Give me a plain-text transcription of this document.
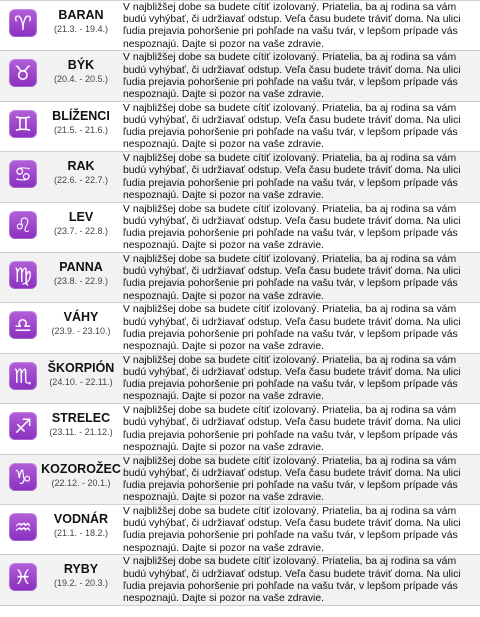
♈	BARAN
(21.3. - 19.4.)
V najbližšej dobe sa budete cítiť izolovaný. Priatelia, ba aj rodina sa vám budú vyhýbať, či udržiavať odstup. Veľa času budete tráviť doma. Na ulici ľudia prejavia pohoršenie pri pohľade na vašu tvár, v lepšom prípade vás nespoznajú. Dajte si pozor na vaše zdravie.
♉	BÝK
(20.4. - 20.5.)
V najbližšej dobe sa budete cítiť izolovaný. Priatelia, ba aj rodina sa vám budú vyhýbať, či udržiavať odstup. Veľa času budete tráviť doma. Na ulici ľudia prejavia pohoršenie pri pohľade na vašu tvár, v lepšom prípade vás nespoznajú. Dajte si pozor na vaše zdravie.
♊	BLÍŽENCI
(21.5. - 21.6.)
V najbližšej dobe sa budete cítiť izolovaný. Priatelia, ba aj rodina sa vám budú vyhýbať, či udržiavať odstup. Veľa času budete tráviť doma. Na ulici ľudia prejavia pohoršenie pri pohľade na vašu tvár, v lepšom prípade vás nespoznajú. Dajte si pozor na vaše zdravie.
♋	RAK
(22.6. - 22.7.)
V najbližšej dobe sa budete cítiť izolovaný. Priatelia, ba aj rodina sa vám budú vyhýbať, či udržiavať odstup. Veľa času budete tráviť doma. Na ulici ľudia prejavia pohoršenie pri pohľade na vašu tvár, v lepšom prípade vás nespoznajú. Dajte si pozor na vaše zdravie.
♌	LEV
(23.7. - 22.8.)
V najbližšej dobe sa budete cítiť izolovaný. Priatelia, ba aj rodina sa vám budú vyhýbať, či udržiavať odstup. Veľa času budete tráviť doma. Na ulici ľudia prejavia pohoršenie pri pohľade na vašu tvár, v lepšom prípade vás nespoznajú. Dajte si pozor na vaše zdravie.
♍	PANNA
(23.8. - 22.9.)
V najbližšej dobe sa budete cítiť izolovaný. Priatelia, ba aj rodina sa vám budú vyhýbať, či udržiavať odstup. Veľa času budete tráviť doma. Na ulici ľudia prejavia pohoršenie pri pohľade na vašu tvár, v lepšom prípade vás nespoznajú. Dajte si pozor na vaše zdravie.
♎	VÁHY
(23.9. - 23.10.)
V najbližšej dobe sa budete cítiť izolovaný. Priatelia, ba aj rodina sa vám budú vyhýbať, či udržiavať odstup. Veľa času budete tráviť doma. Na ulici ľudia prejavia pohoršenie pri pohľade na vašu tvár, v lepšom prípade vás nespoznajú. Dajte si pozor na vaše zdravie.
♏	ŠKORPIÓN
(24.10. - 22.11.)
V najbližšej dobe sa budete cítiť izolovaný. Priatelia, ba aj rodina sa vám budú vyhýbať, či udržiavať odstup. Veľa času budete tráviť doma. Na ulici ľudia prejavia pohoršenie pri pohľade na vašu tvár, v lepšom prípade vás nespoznajú. Dajte si pozor na vaše zdravie.
♐	STRELEC
(23.11. - 21.12.)
V najbližšej dobe sa budete cítiť izolovaný. Priatelia, ba aj rodina sa vám budú vyhýbať, či udržiavať odstup. Veľa času budete tráviť doma. Na ulici ľudia prejavia pohoršenie pri pohľade na vašu tvár, v lepšom prípade vás nespoznajú. Dajte si pozor na vaše zdravie.
♑ KOZOROŽEC
(22.12. - 20.1.)
V najbližšej dobe sa budete cítiť izolovaný. Priatelia, ba aj rodina sa vám budú vyhýbať, či udržiavať odstup. Veľa času budete tráviť doma. Na ulici ľudia prejavia pohoršenie pri pohľade na vašu tvár, v lepšom prípade vás nespoznajú. Dajte si pozor na vaše zdravie.
♒	VODNÁR
(21.1. - 18.2.)
V najbližšej dobe sa budete cítiť izolovaný. Priatelia, ba aj rodina sa vám budú vyhýbať, či udržiavať odstup. Veľa času budete tráviť doma. Na ulici ľudia prejavia pohoršenie pri pohľade na vašu tvár, v lepšom prípade vás nespoznajú. Dajte si pozor na vaše zdravie.
♓	RYBY
(19.2. - 20.3.)
V najbližšej dobe sa budete cítiť izolovaný. Priatelia, ba aj rodina sa vám budú vyhýbať, či udržiavať odstup. Veľa času budete tráviť doma. Na ulici ľudia prejavia pohoršenie pri pohľade na vašu tvár, v lepšom prípade vás nespoznajú. Dajte si pozor na vaše zdravie.
